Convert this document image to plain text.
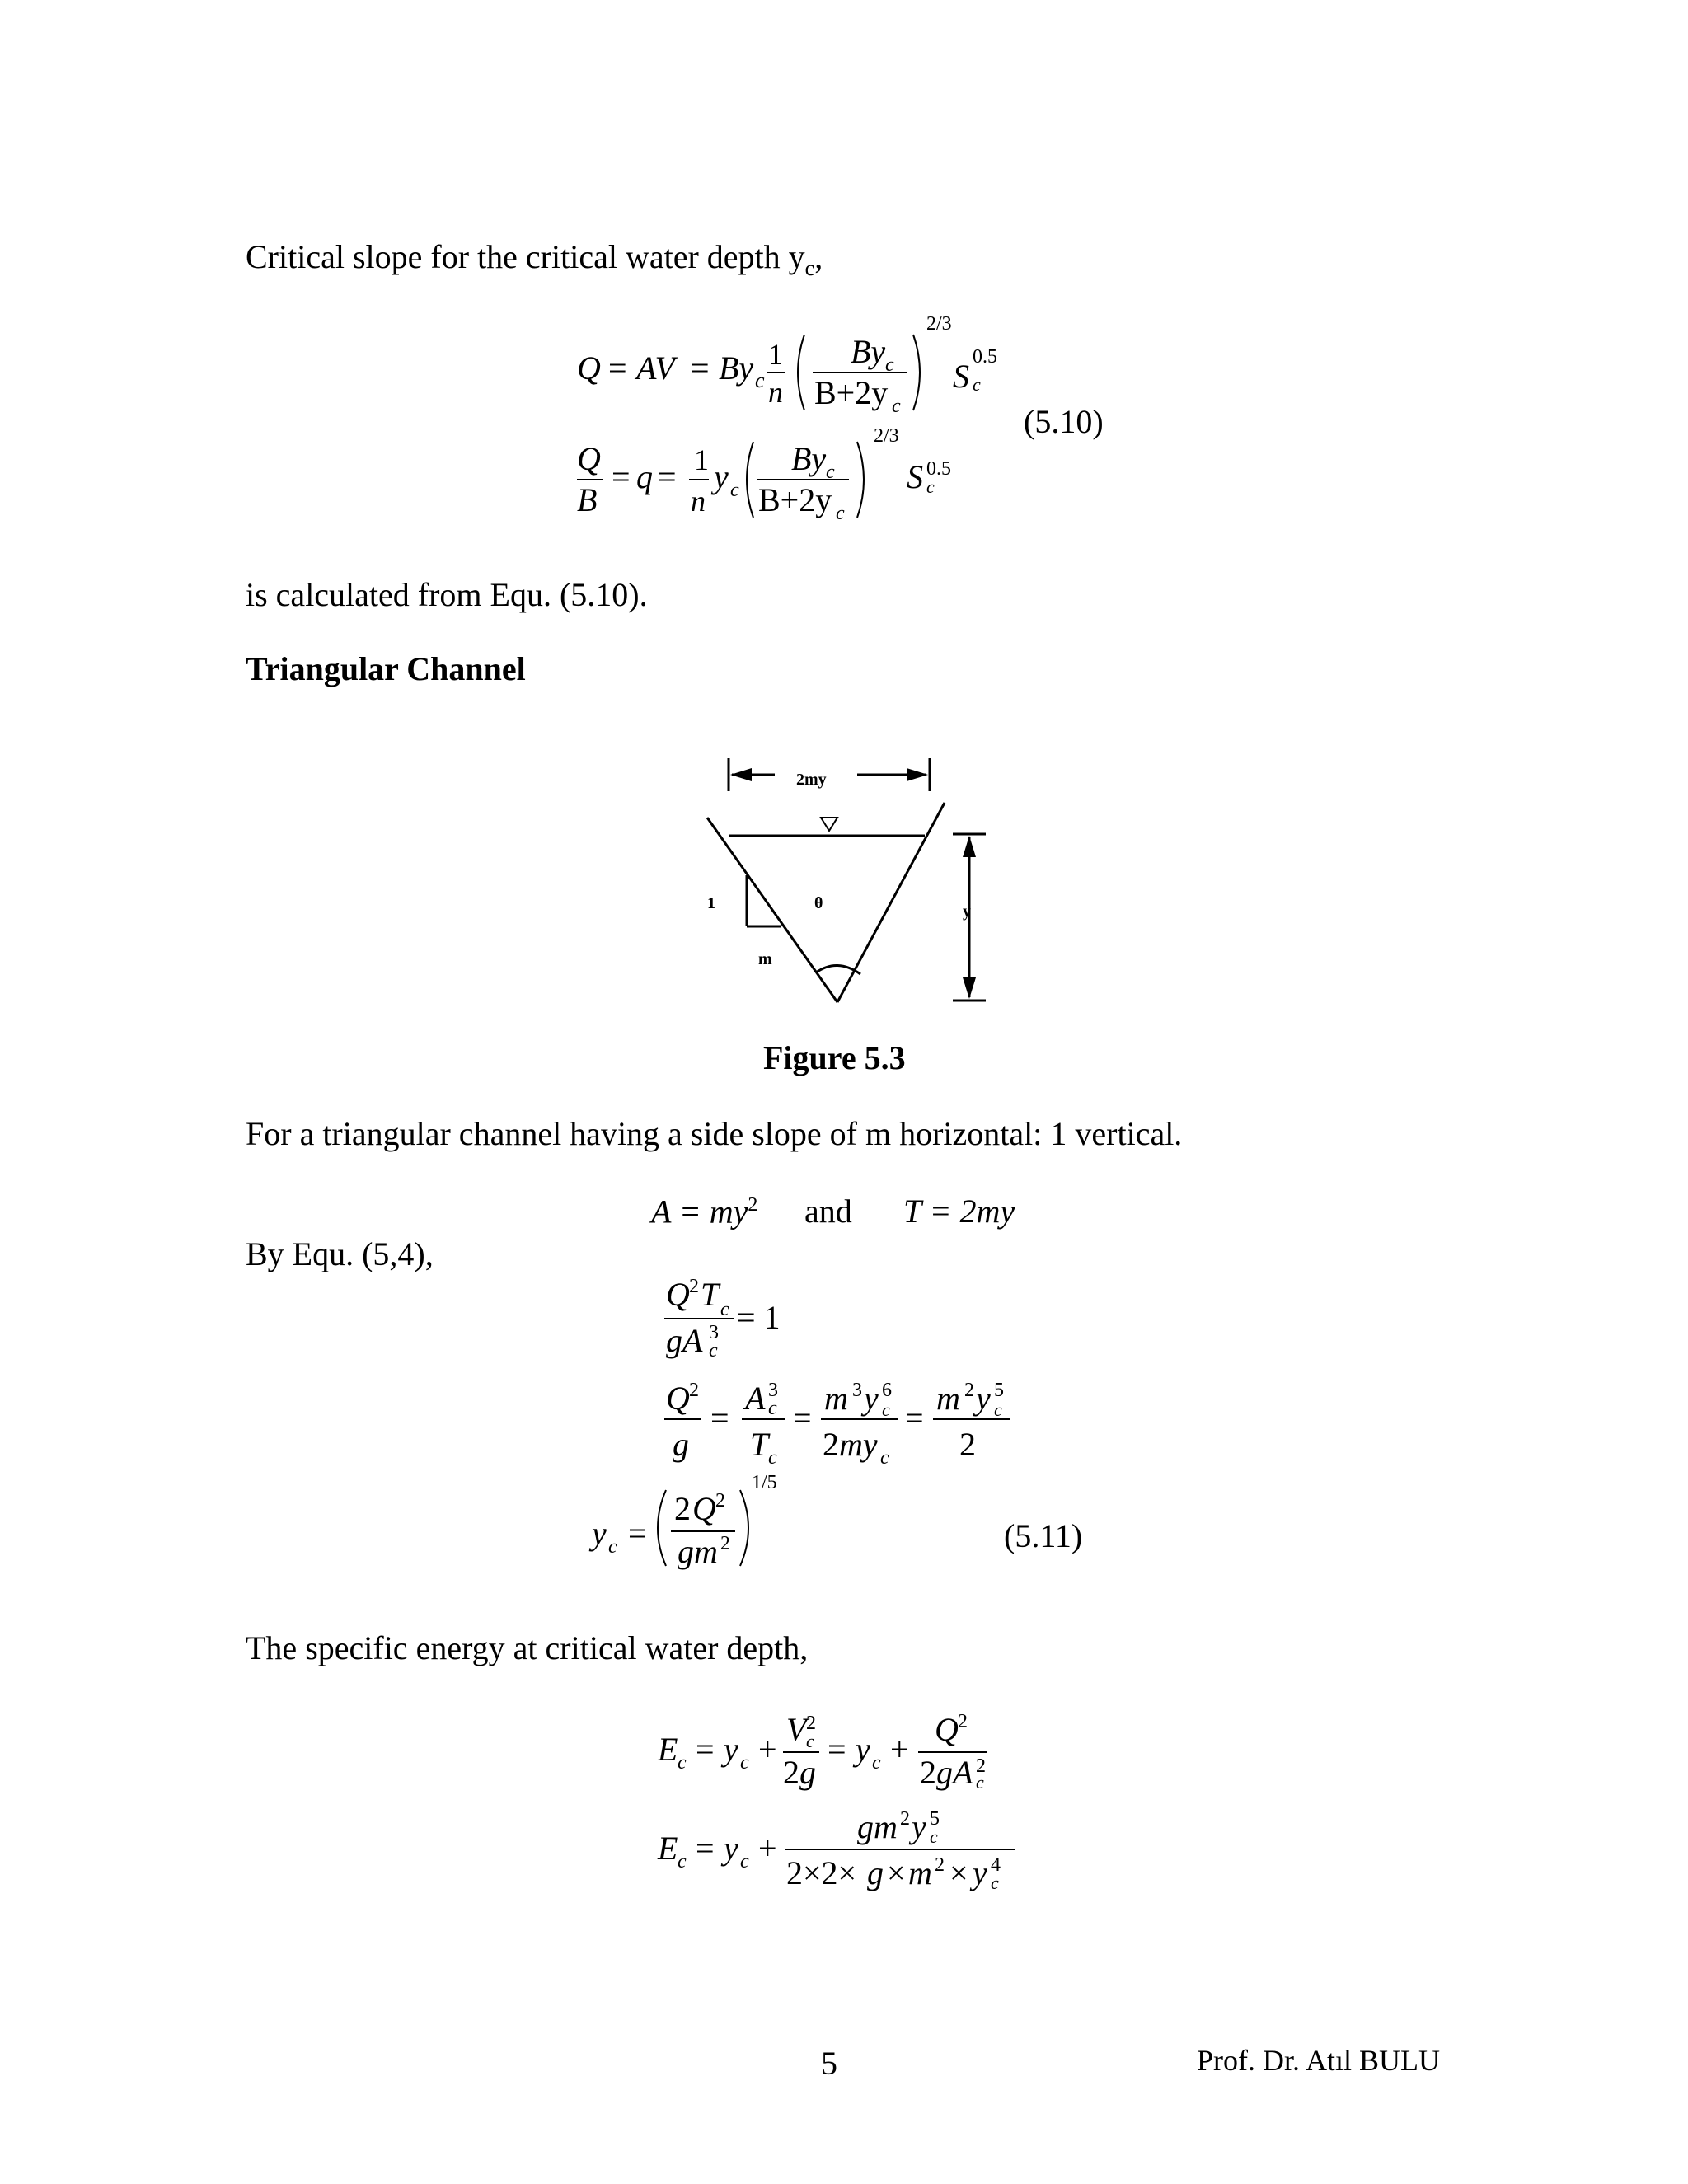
Critical slope for the critical water depth $y_c$,
Q = AV = By c
1
n
By c
B+2y c
2/3
S
0.5
c
Q
B
= q = 1
n
y c
By c
B+2y c
2/3
S 0.5
c
(5.10)
is calculated from Equ. (5.10).
Triangular Channel
2my
1	θ
m
y
Figure 5.3
For a triangular channel having a side slope of m horizontal: 1 vertical.
$A = my^2$ and T = 2my
By Equ. (5,4),
Q 2 T c
gA 3
c
= 1
Q 2
g
=
A 3
c
T c
=
m 3 y 6
c
2 my c
=
m 2 y 5
c
2
y c =
2 Q 2
gm 2
1/5
(5.11)
The specific energy at critical water depth,
E c = y c +
V 2
c
2 g
= y c +
Q 2
2 gA 2
c
E c = y c +
gm 2 y 5
c
2×2× g × m 2 × y 4
c
5	Prof. Dr. Atıl BULU
